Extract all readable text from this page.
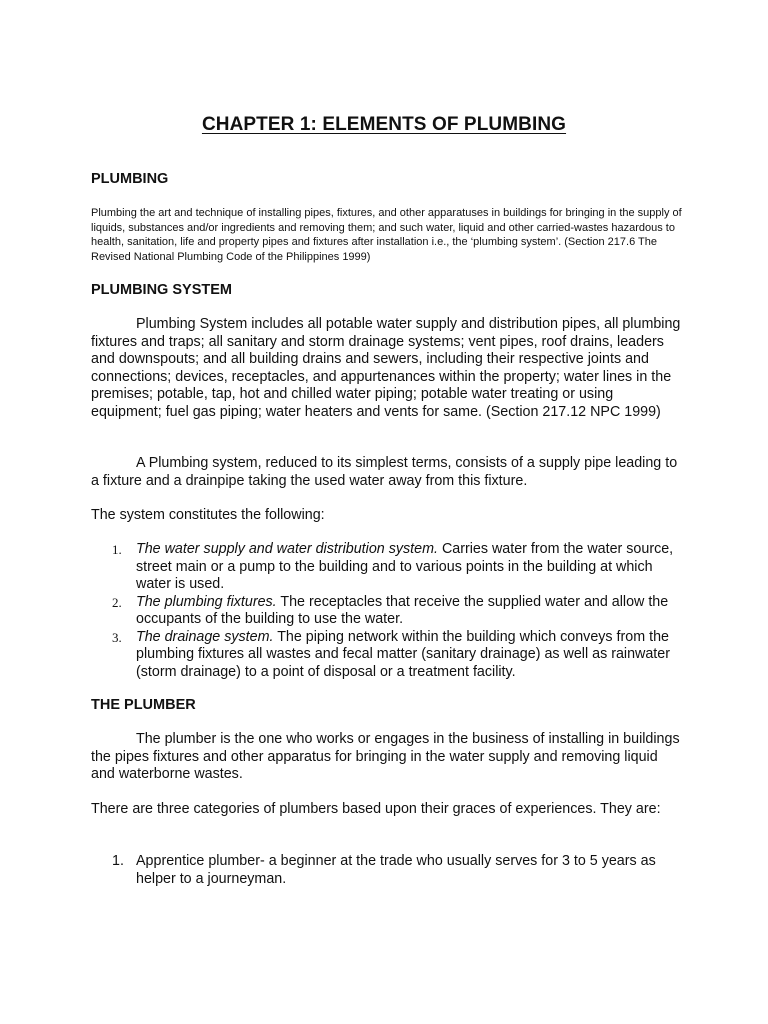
CHAPTER 1: ELEMENTS OF PLUMBING
PLUMBING
Plumbing the art and technique of installing pipes, fixtures, and other apparatuses in buildings for bringing in the supply of liquids, substances and/or ingredients and removing them; and such water, liquid and other carried-wastes hazardous to health, sanitation, life and property pipes and fixtures after installation i.e., the ‘plumbing system’. (Section 217.6 The Revised National Plumbing Code of the Philippines 1999)
PLUMBING SYSTEM
Plumbing System includes all potable water supply and distribution pipes, all plumbing fixtures and traps; all sanitary and storm drainage systems; vent pipes, roof drains, leaders and downspouts; and all building drains and sewers, including their respective joints and connections; devices, receptacles, and appurtenances within the property; water lines in the premises; potable, tap, hot and chilled water piping; potable water treating or using equipment; fuel gas piping; water heaters and vents for same. (Section 217.12 NPC 1999)
A Plumbing system, reduced to its simplest terms, consists of a supply pipe leading to a fixture and a drainpipe taking the used water away from this fixture.
The system constitutes the following:
1. The water supply and water distribution system. Carries water from the water source, street main or a pump to the building and to various points in the building at which water is used.
2. The plumbing fixtures. The receptacles that receive the supplied water and allow the occupants of the building to use the water.
3. The drainage system. The piping network within the building which conveys from the plumbing fixtures all wastes and fecal matter (sanitary drainage) as well as rainwater (storm drainage) to a point of disposal or a treatment facility.
THE PLUMBER
The plumber is the one who works or engages in the business of installing in buildings the pipes fixtures and other apparatus for bringing in the water supply and removing liquid and waterborne wastes.
There are three categories of plumbers based upon their graces of experiences. They are:
1. Apprentice plumber- a beginner at the trade who usually serves for 3 to 5 years as helper to a journeyman.
